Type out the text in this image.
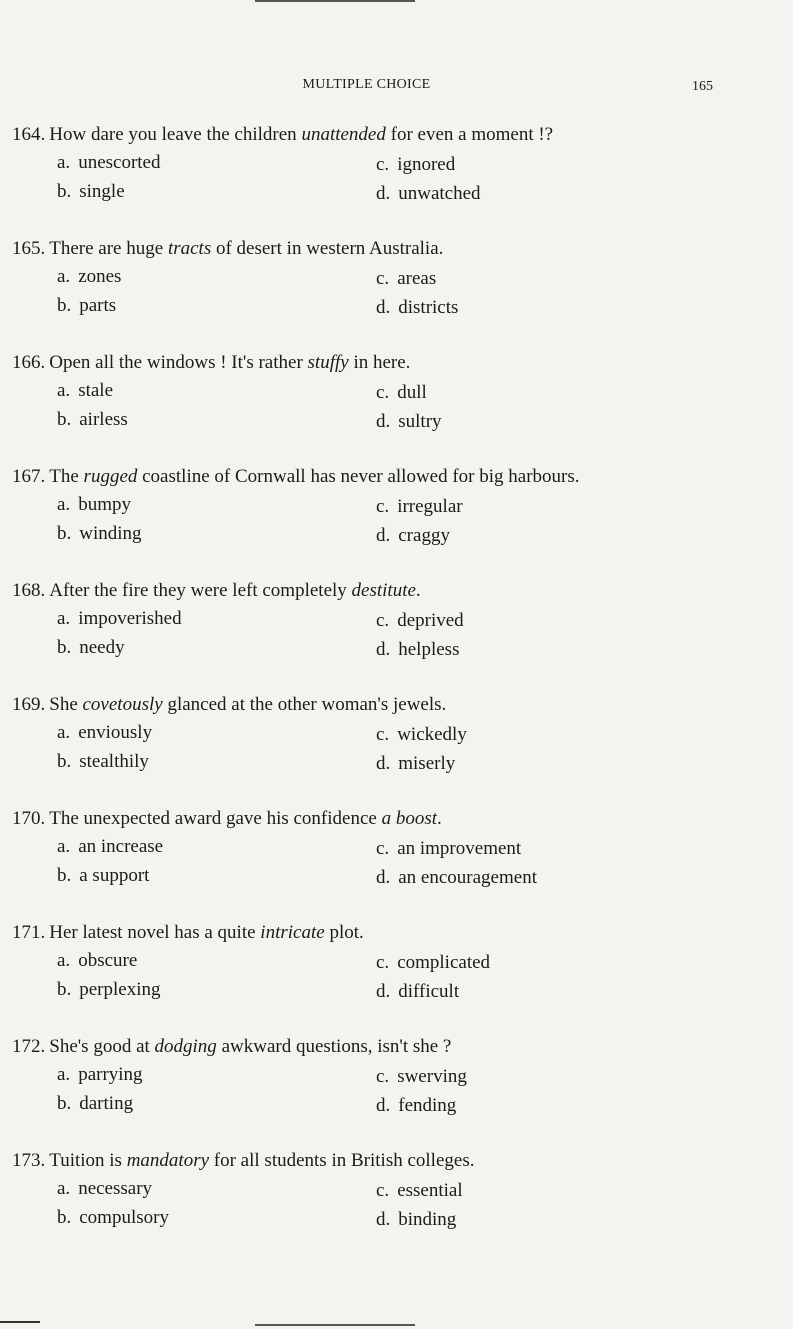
MULTIPLE CHOICE	165
164. How dare you leave the children unattended for even a moment !?
a. unescorted
b. single
c. ignored
d. unwatched
165. There are huge tracts of desert in western Australia.
a. zones
b. parts
c. areas
d. districts
166. Open all the windows ! It's rather stuffy in here.
a. stale
b. airless
c. dull
d. sultry
167. The rugged coastline of Cornwall has never allowed for big harbours.
a. bumpy
b. winding
c. irregular
d. craggy
168. After the fire they were left completely destitute.
a. impoverished
b. needy
c. deprived
d. helpless
169. She covetously glanced at the other woman's jewels.
a. enviously
b. stealthily
c. wickedly
d. miserly
170. The unexpected award gave his confidence a boost.
a. an increase
b. a support
c. an improvement
d. an encouragement
171. Her latest novel has a quite intricate plot.
a. obscure
b. perplexing
c. complicated
d. difficult
172. She's good at dodging awkward questions, isn't she ?
a. parrying
b. darting
c. swerving
d. fending
173. Tuition is mandatory for all students in British colleges.
a. necessary
b. compulsory
c. essential
d. binding
